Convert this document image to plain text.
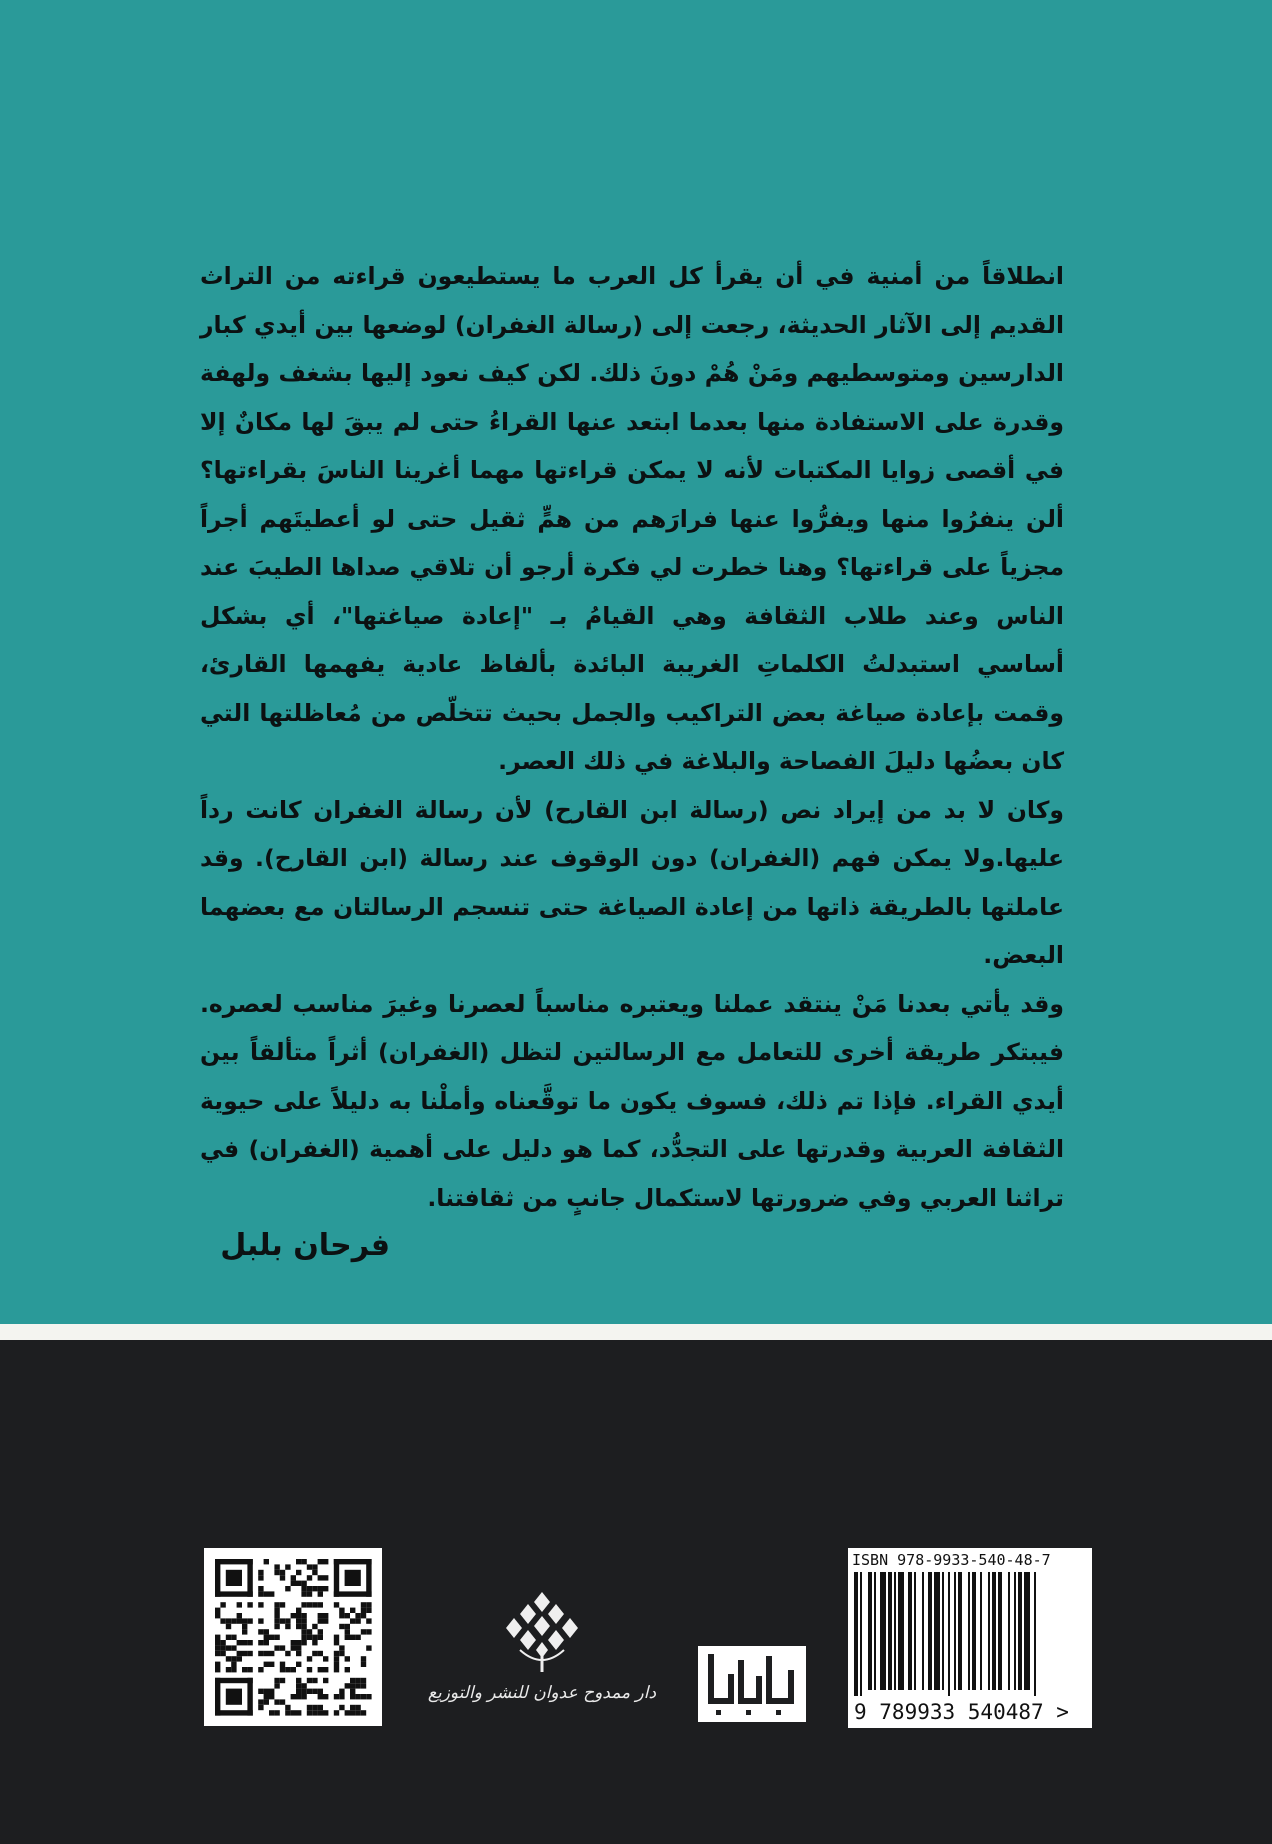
انطلاقاً من أمنية في أن يقرأ كل العرب ما يستطيعون قراءته من التراث القديم إلى الآثار الحديثة، رجعت إلى (رسالة الغفران) لوضعها بين أيدي كبار الدارسين ومتوسطيهم ومَنْ هُمْ دونَ ذلك. لكن كيف نعود إليها بشغف ولهفة وقدرة على الاستفادة منها بعدما ابتعد عنها القراءُ حتى لم يبقَ لها مكانٌ إلا في أقصى زوايا المكتبات لأنه لا يمكن قراءتها مهما أغرينا الناسَ بقراءتها؟ ألن ينفرُوا منها ويفرُّوا عنها فرارَهم من همٍّ ثقيل حتى لو أعطيتَهم أجراً مجزياً على قراءتها؟ وهنا خطرت لي فكرة أرجو أن تلاقي صداها الطيبَ عند الناس وعند طلاب الثقافة وهي القيامُ بـ "إعادة صياغتها"، أي بشكل أساسي استبدلتُ الكلماتِ الغريبة البائدة بألفاظ عادية يفهمها القارئ، وقمت بإعادة صياغة بعض التراكيب والجمل بحيث تتخلّص من مُعاظلتها التي كان بعضُها دليلَ الفصاحة والبلاغة في ذلك العصر.

وكان لا بد من إيراد نص (رسالة ابن القارح) لأن رسالة الغفران كانت رداً عليها.ولا يمكن فهم (الغفران) دون الوقوف عند رسالة (ابن القارح). وقد عاملتها بالطريقة ذاتها من إعادة الصياغة حتى تنسجم الرسالتان مع بعضهما البعض.

وقد يأتي بعدنا مَنْ ينتقد عملنا ويعتبره مناسباً لعصرنا وغيرَ مناسب لعصره. فيبتكر طريقة أخرى للتعامل مع الرسالتين لتظل (الغفران) أثراً متألقاً بين أيدي القراء. فإذا تم ذلك، فسوف يكون ما توقَّعناه وأملْنا به دليلاً على حيوية الثقافة العربية وقدرتها على التجدُّد، كما هو دليل على أهمية (الغفران) في تراثنا العربي وفي ضرورتها لاستكمال جانبٍ من ثقافتنا.

فرحان بلبل
دار ممدوح عدوان للنشر والتوزيع
ISBN 978-9933-540-48-7
9 789933 540487 >
